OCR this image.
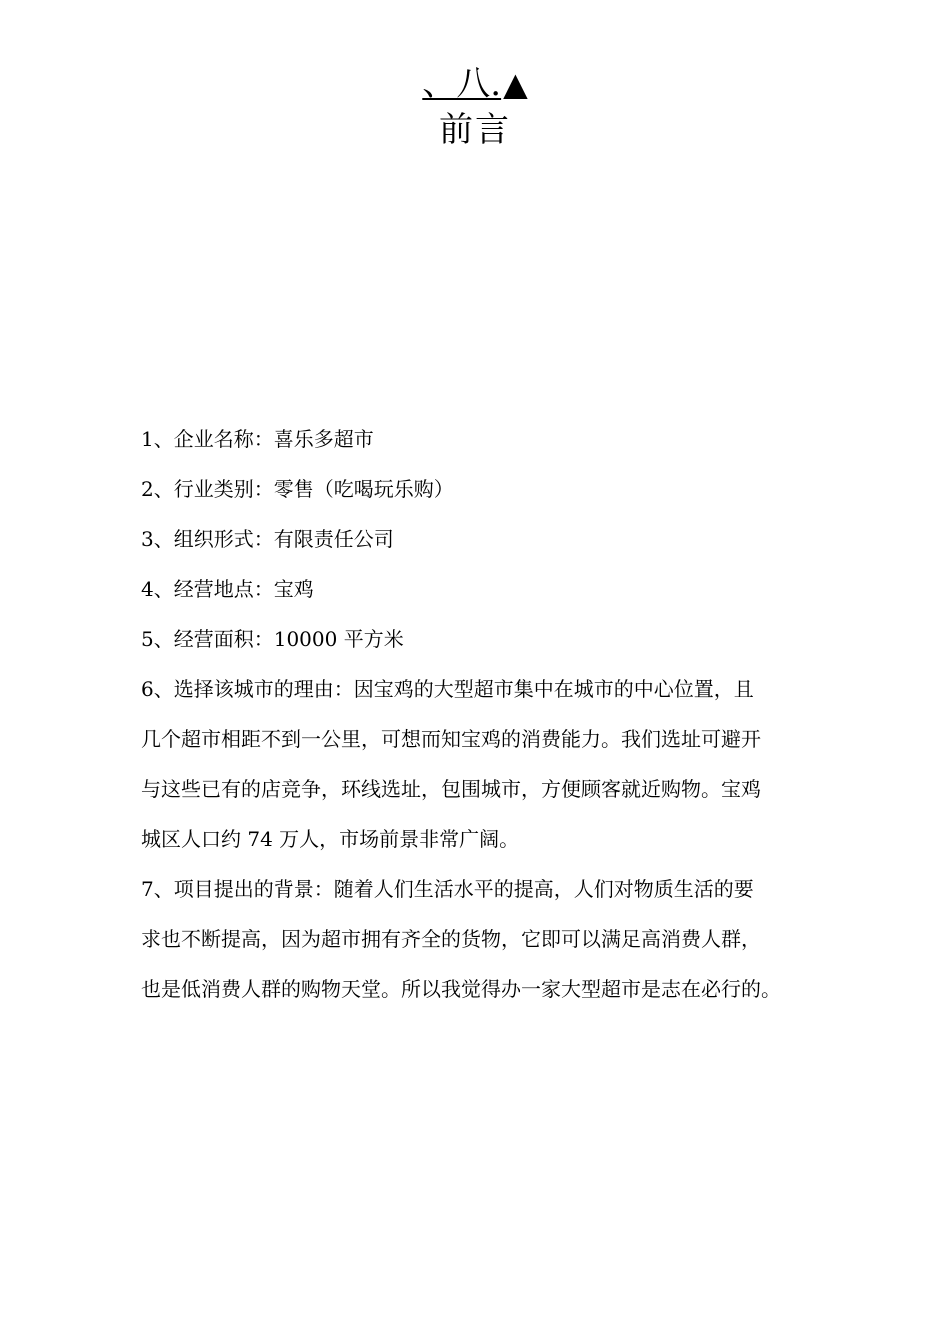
、八.▲
前言

1、企业名称：喜乐多超市

2、行业类别：零售（吃喝玩乐购）

3、组织形式：有限责任公司

4、经营地点：宝鸡

5、经营面积：10000 平方米

6、选择该城市的理由：因宝鸡的大型超市集中在城市的中心位置，且

几个超市相距不到一公里，可想而知宝鸡的消费能力。我们选址可避开

与这些已有的店竞争，环线选址，包围城市，方便顾客就近购物。宝鸡

城区人口约 74 万人，市场前景非常广阔。

7、项目提出的背景：随着人们生活水平的提高，人们对物质生活的要

求也不断提高，因为超市拥有齐全的货物，它即可以满足高消费人群，

也是低消费人群的购物天堂。所以我觉得办一家大型超市是志在必行的。
